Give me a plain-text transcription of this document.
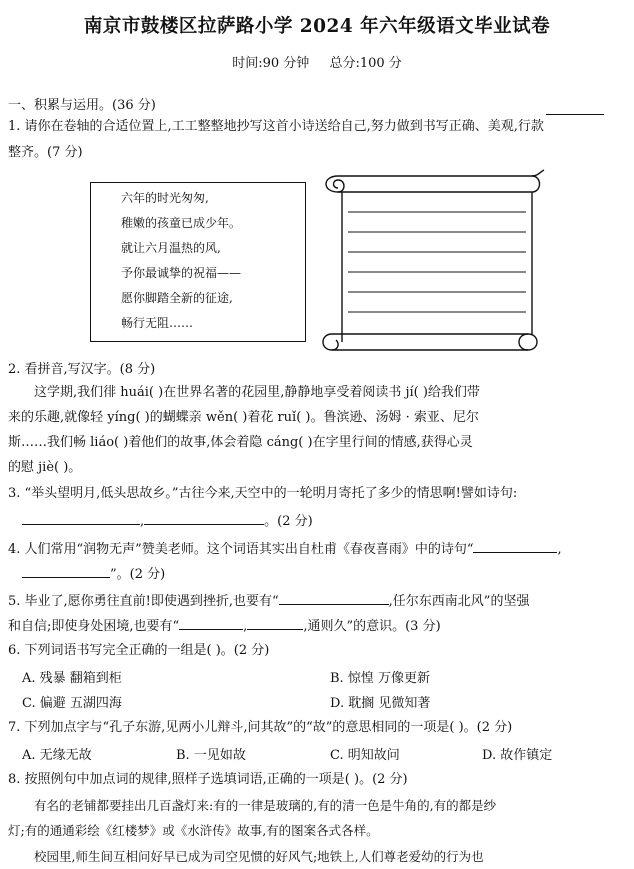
南京市鼓楼区拉萨路小学 2024 年六年级语文毕业试卷
时间:90 分钟 总分:100 分
一、积累与运用。(36 分)
1. 请你在卷轴的合适位置上,工工整整地抄写这首小诗送给自己,努力做到书写正确、美观,行款
整齐。(7 分)
六年的时光匆匆,
稚嫩的孩童已成少年。
就让六月温热的风,
予你最诚挚的祝福——
愿你脚踏全新的征途,
畅行无阻……
2. 看拼音,写汉字。(8 分)
这学期,我们徘 huái( )在世界名著的花园里,静静地享受着阅读书 jí( )给我们带
来的乐趣,就像轻 yíng( )的蝴蝶亲 wěn( )着花 ruǐ( )。鲁滨逊、汤姆 · 索亚、尼尔
斯……我们畅 liáo( )着他们的故事,体会着隐 cáng( )在字里行间的情感,获得心灵
的慰 jiè( )。
3. “举头望明月,低头思故乡。”古往今来,天空中的一轮明月寄托了多少的情思啊!譬如诗句:
,	。(2 分)
4. 人们常用“润物无声”赞美老师。这个词语其实出自杜甫《春夜喜雨》中的诗句“	,
”。(2 分)
5. 毕业了,愿你勇往直前!即使遇到挫折,也要有“	,任尔东西南北风”的坚强
和自信;即使身处困境,也要有“	,	,通则久”的意识。(3 分)
6. 下列词语书写完全正确的一组是( )。(2 分)
A. 残暴 翻箱到柜	B. 惊惶 万像更新
C. 偏避 五湖四海	D. 耽搁 见微知著
7. 下列加点字与“孔子东游,见两小儿辩斗,问其故”的“故”的意思相同的一项是( )。(2 分)
A. 无缘无故	B. 一见如故	C. 明知故问	D. 故作镇定
8. 按照例句中加点词的规律,照样子选填词语,正确的一项是( )。(2 分)
有名的老铺都要挂出几百盏灯来:有的一律是玻璃的,有的清一色是牛角的,有的都是纱
灯;有的通通彩绘《红楼梦》或《水浒传》故事,有的图案各式各样。
校园里,师生间互相问好早已成为司空见惯的好风气;地铁上,人们尊老爱幼的行为也
